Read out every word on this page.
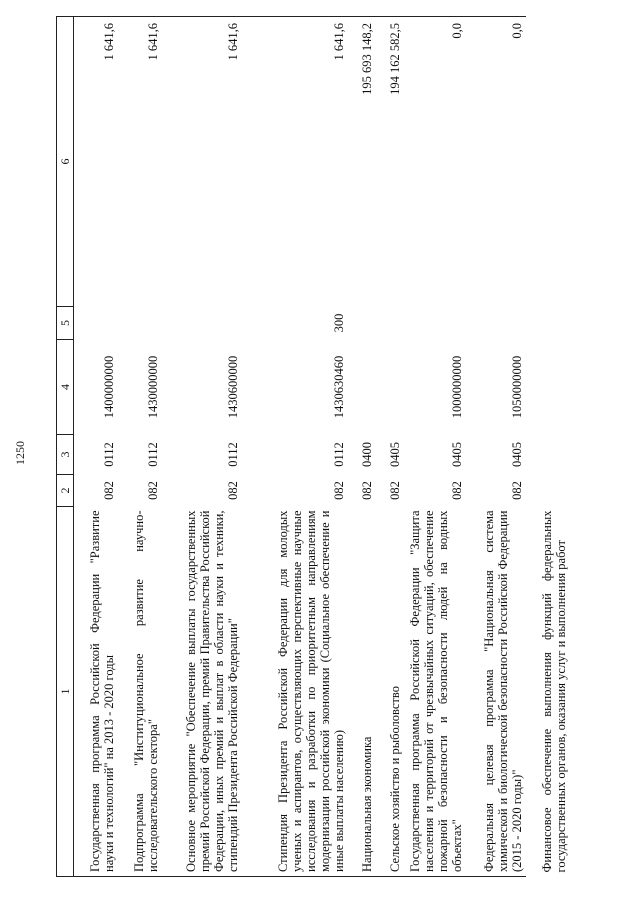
1250
1	2	3	4	5	6
Государственная программа Российской Федерации "Развитие науки и технологий" на 2013 - 2020 годы	082	0112	1400000000		1 641,6
Подпрограмма "Институциональное развитие научно-исследовательского сектора"	082	0112	1430000000		1 641,6
Основное мероприятие "Обеспечение выплаты государственных премий Российской Федерации, премий Правительства Российской Федерации, иных премий и выплат в области науки и техники, стипендий Президента Российской Федерации"	082	0112	1430600000		1 641,6
Стипендия Президента Российской Федерации для молодых ученых и аспирантов, осуществляющих перспективные научные исследования и разработки по приоритетным направлениям модернизации российской экономики (Социальное обеспечение и иные выплаты населению)	082	0112	1430630460	300	1 641,6
Национальная экономика	082	0400			195 693 148,2
Сельское хозяйство и рыболовство	082	0405			194 162 582,5
Государственная программа Российской Федерации "Защита населения и территорий от чрезвычайных ситуаций, обеспечение пожарной безопасности и безопасности людей на водных объектах"	082	0405	1000000000		0,0
Федеральная целевая программа "Национальная система химической и биологической безопасности Российской Федерации (2015 - 2020 годы)"	082	0405	1050000000		0,0
Финансовое обеспечение выполнения функций федеральных государственных органов, оказания услуг и выполнения работ					
